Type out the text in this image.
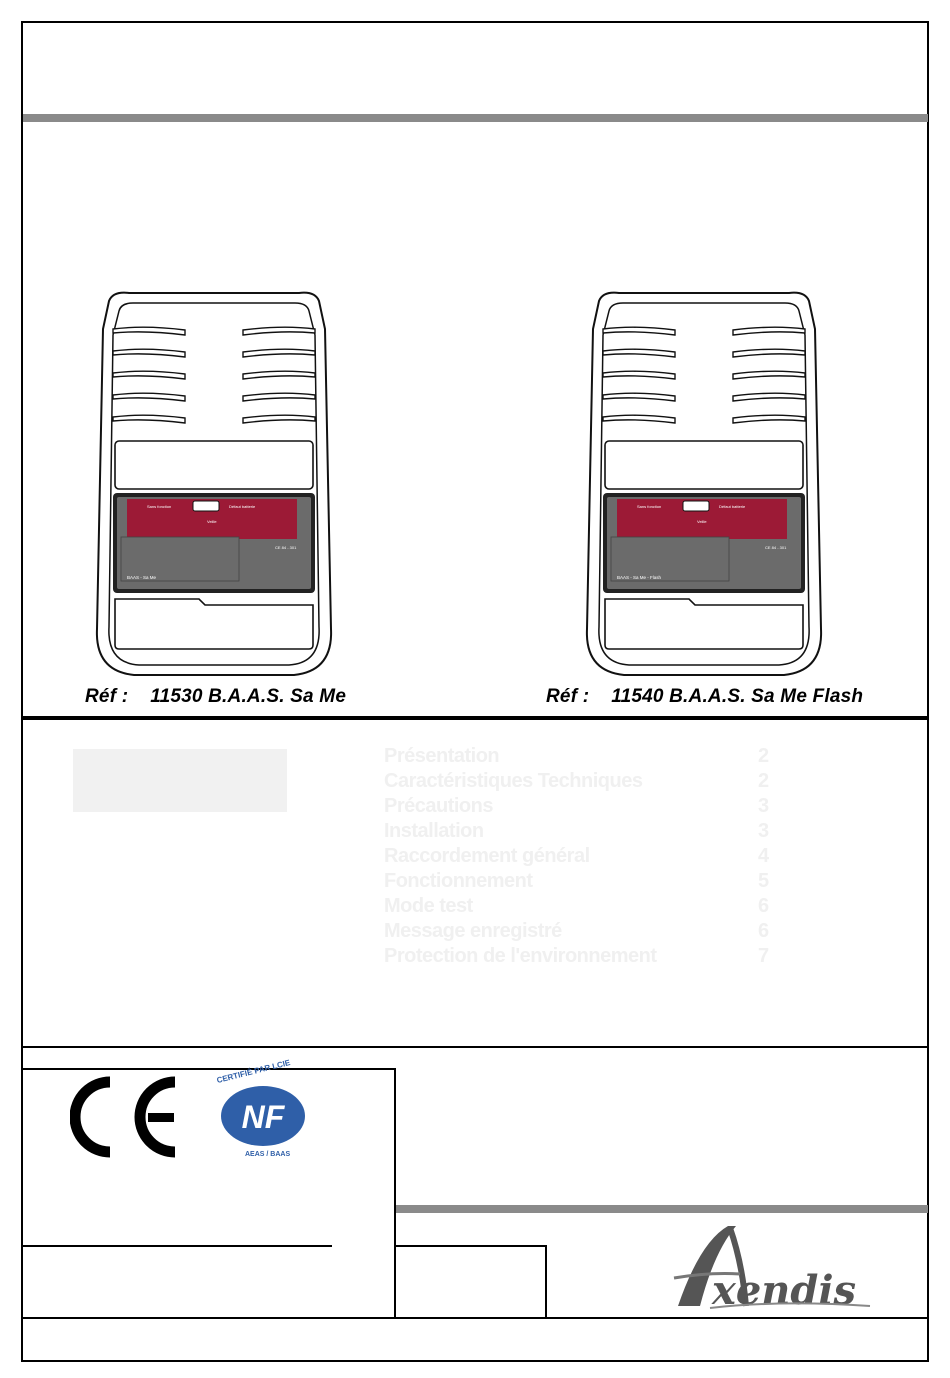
Sans fonction	Défaut batterie
Veille
CE 84 - 301
BAAS - Sa Me
Réf : 11530 B.A.A.S. Sa Me
Sans fonction	Défaut batterie
Veille
CE 84 - 301
BAAS - Sa Me - Flash
Réf : 11540 B.A.A.S. Sa Me Flash
Présentation	2
Caractéristiques Techniques	2
Précautions	3
Installation	3
Raccordement général	4
Fonctionnement	5
Mode test	6
Message enregistré	6
Protection de l'environnement	7
NF
CERTIFIÉ PAR LCIE
AEAS / BAAS
xendis
